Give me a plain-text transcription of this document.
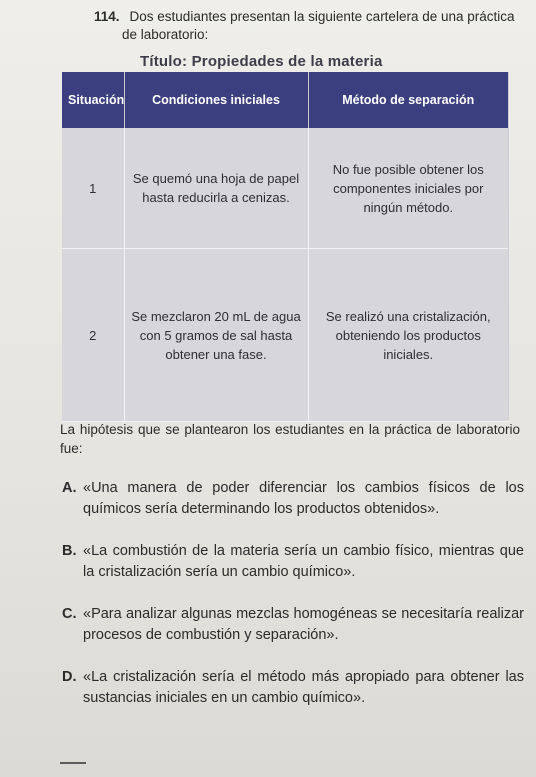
114. Dos estudiantes presentan la siguiente cartelera de una práctica
de laboratorio:
Título: Propiedades de la materia
Situación	Condiciones iniciales	Método de separación
1	Se quemó una hoja de papel hasta reducirla a cenizas.	No fue posible obtener los componentes iniciales por ningún método.
2	Se mezclaron 20 mL de agua con 5 gramos de sal hasta obtener una fase.	Se realizó una cristalización, obteniendo los productos iniciales.
La hipótesis que se plantearon los estudiantes en la práctica de laboratorio fue:
A. «Una manera de poder diferenciar los cambios físicos de los químicos sería determinando los productos obtenidos».
B. «La combustión de la materia sería un cambio físico, mientras que la cristalización sería un cambio químico».
C. «Para analizar algunas mezclas homogéneas se necesitaría realizar procesos de combustión y separación».
D. «La cristalización sería el método más apropiado para obtener las sustancias iniciales en un cambio químico».
